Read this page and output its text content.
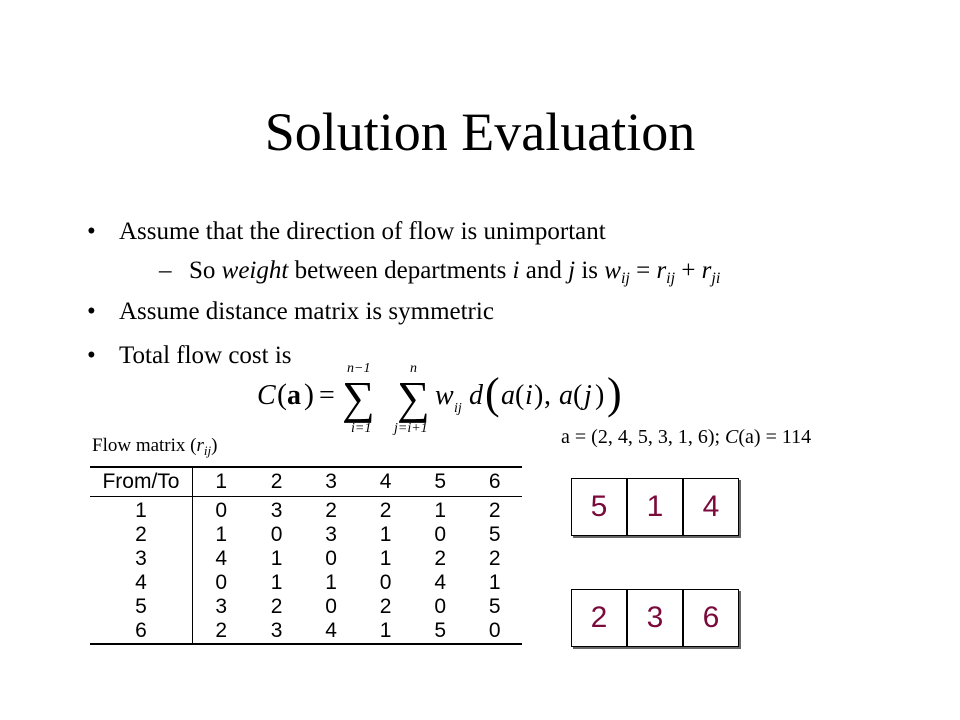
Solution Evaluation
• Assume that the direction of flow is unimportant
– So weight between departments i and j is $w_{ij} = r_{ij} + r_{ji}$
• Assume distance matrix is symmetric
• Total flow cost is
C ( a ) =
n−1
∑
i=1
n
∑
j=i+1
w ij d ( a ( i ) , a ( j ) )
Flow matrix $(r_{ij})$	a = (2, 4, 5, 3, 1, 6); C(a) = 114
From/To	1	2	3	4	5	6
1	0	3	2	2	1	2
2	1	0	3	1	0	5
3	4	1	0	1	2	2
4	0	1	1	0	4	1
5	3	2	0	2	0	5
6	2	3	4	1	5	0
5	1	4
2	3	6
